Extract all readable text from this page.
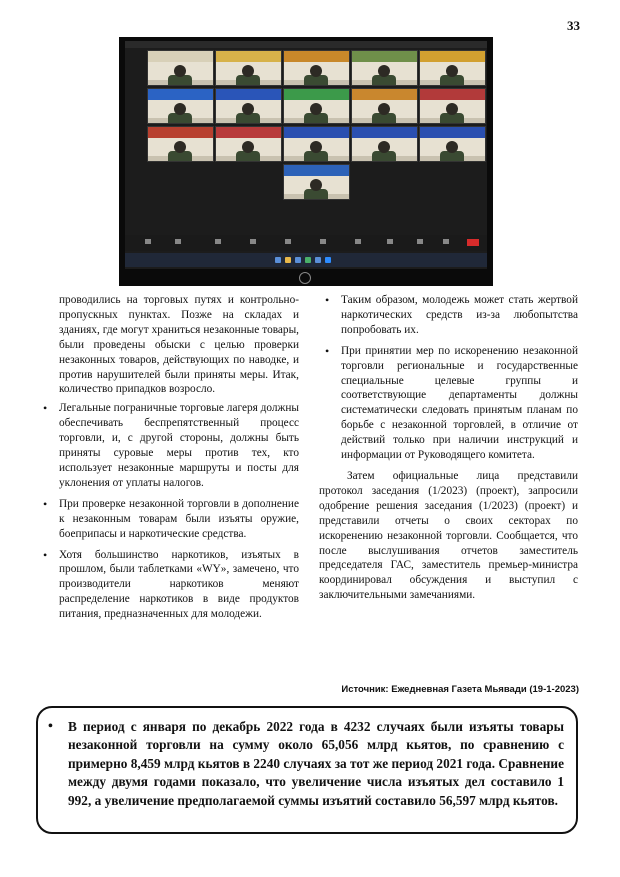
33

проводились на торговых путях и контрольно-пропускных пунктах. Позже на складах и зданиях, где могут храниться незаконные товары, были проведены обыски с целью проверки незаконных товаров, действующих по наводке, и против нарушителей были приняты меры. Итак, количество припадков возросло.

• Легальные пограничные торговые лагеря должны обеспечивать беспрепятственный процесс торговли, и, с другой стороны, должны быть приняты суровые меры против тех, кто использует незаконные маршруты и посты для уклонения от уплаты налогов.
• При проверке незаконной торговли в дополнение к незаконным товарам были изъяты оружие, боеприпасы и наркотические средства.
• Хотя большинство наркотиков, изъятых в прошлом, были таблетками «WY», замечено, что производители наркотиков меняют распределение наркотиков в виде продуктов питания, предназначенных для молодежи.
• Таким образом, молодежь может стать жертвой наркотических средств из-за любопытства попробовать их.
• При принятии мер по искоренению незаконной торговли региональные и государственные специальные целевые группы и соответствующие департаменты должны систематически следовать принятым планам по борьбе с незаконной торговлей, в отличие от действий только при наличии инструкций и информации от Руководящего комитета.

Затем официальные лица представили протокол заседания (1/2023) (проект), запросили одобрение решения заседания (1/2023) (проект) и представили отчеты о своих секторах по искоренению незаконной торговли. Сообщается, что после выслушивания отчетов заместитель председателя ГАС, заместитель премьер-министра координировал обсуждения и выступил с заключительными замечаниями.

Источник: Ежедневная Газета Мьявади (19-1-2023)

• В период с января по декабрь 2022 года в 4232 случаях были изъяты товары незаконной торговли на сумму около 65,056 млрд кьятов, по сравнению с примерно 8,459 млрд кьятов в 2240 случаях за тот же период 2021 года. Сравнение между двумя годами показало, что увеличение числа изъятых дел составило 1 992, а увеличение предполагаемой суммы изъятий составило 56,597 млрд кьятов.
